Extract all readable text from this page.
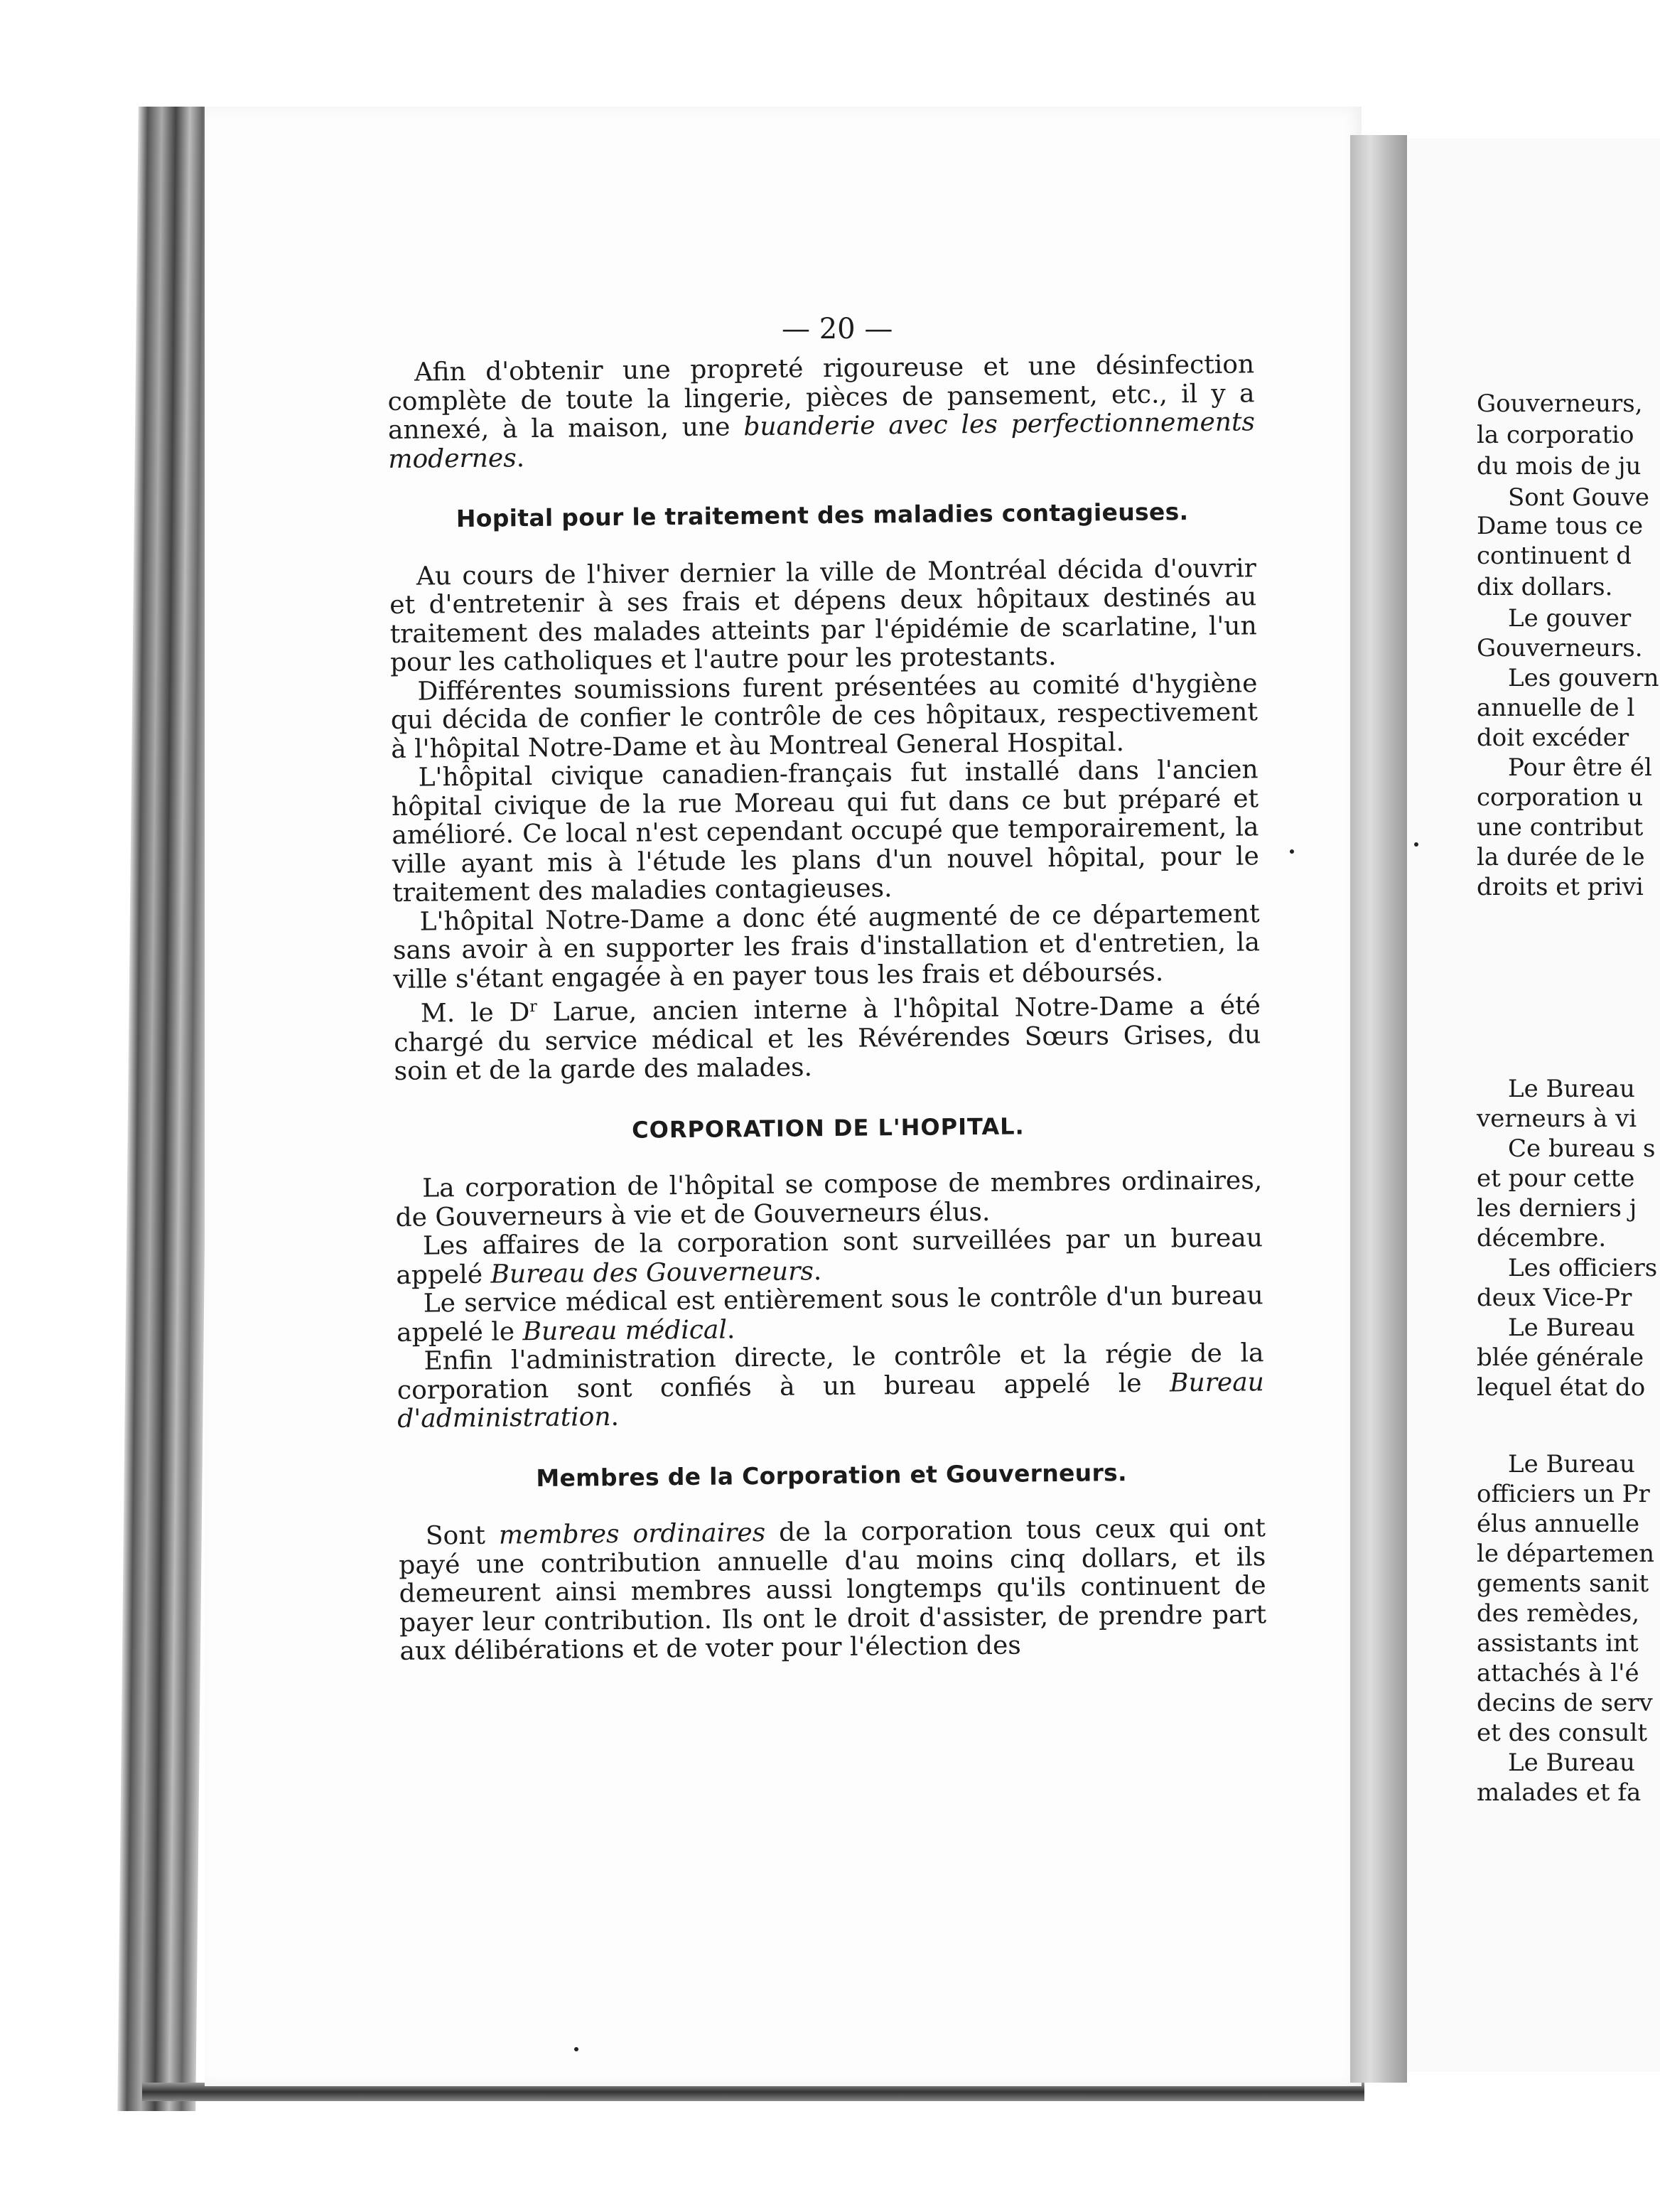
— 20 —

Afin d'obtenir une propreté rigoureuse et une désinfection complète de toute la lingerie, pièces de pansement, etc., il y a annexé, à la maison, une buanderie avec les perfectionnements modernes.

Hopital pour le traitement des maladies contagieuses.

Au cours de l'hiver dernier la ville de Montréal décida d'ouvrir et d'entretenir à ses frais et dépens deux hôpitaux destinés au traitement des malades atteints par l'épidémie de scarlatine, l'un pour les catholiques et l'autre pour les protestants.

Différentes soumissions furent présentées au comité d'hygiène qui décida de confier le contrôle de ces hôpitaux, respectivement à l'hôpital Notre-Dame et àu Montreal General Hospital.

L'hôpital civique canadien-français fut installé dans l'ancien hôpital civique de la rue Moreau qui fut dans ce but préparé et amélioré. Ce local n'est cependant occupé que temporairement, la ville ayant mis à l'étude les plans d'un nouvel hôpital, pour le traitement des maladies contagieuses.

L'hôpital Notre-Dame a donc été augmenté de ce département sans avoir à en supporter les frais d'installation et d'entretien, la ville s'étant engagée à en payer tous les frais et déboursés.

M. le $D^r$ Larue, ancien interne à l'hôpital Notre-Dame a été chargé du service médical et les Révérendes Sœurs Grises, du soin et de la garde des malades.

CORPORATION DE L'HOPITAL.

La corporation de l'hôpital se compose de membres ordinaires, de Gouverneurs à vie et de Gouverneurs élus.

Les affaires de la corporation sont surveillées par un bureau appelé Bureau des Gouverneurs.

Le service médical est entièrement sous le contrôle d'un bureau appelé le Bureau médical.

Enfin l'administration directe, le contrôle et la régie de la corporation sont confiés à un bureau appelé le Bureau d'administration.

Membres de la Corporation et Gouverneurs.

Sont membres ordinaires de la corporation tous ceux qui ont payé une contribution annuelle d'au moins cinq dollars, et ils demeurent ainsi membres aussi longtemps qu'ils continuent de payer leur contribution. Ils ont le droit d'assister, de prendre part aux délibérations et de voter pour l'élection des

Gouverneurs,
la corporatio
du mois de ju
Sont Gouve
Dame tous ce
continuent d
dix dollars.
Le gouver
Gouverneurs.
Les gouvern
annuelle de l
doit excéder
Pour être él
corporation u
une contribut
la durée de le
droits et privi
Le Bureau
verneurs à vi
Ce bureau s
et pour cette
les derniers j
décembre.
Les officiers
deux Vice-Pr
Le Bureau
blée générale
lequel état do
Le Bureau
officiers un Pr
élus annuelle
le départemen
gements sanit
des remèdes,
assistants int
attachés à l'é
decins de serv
et des consult
Le Bureau
malades et fa
